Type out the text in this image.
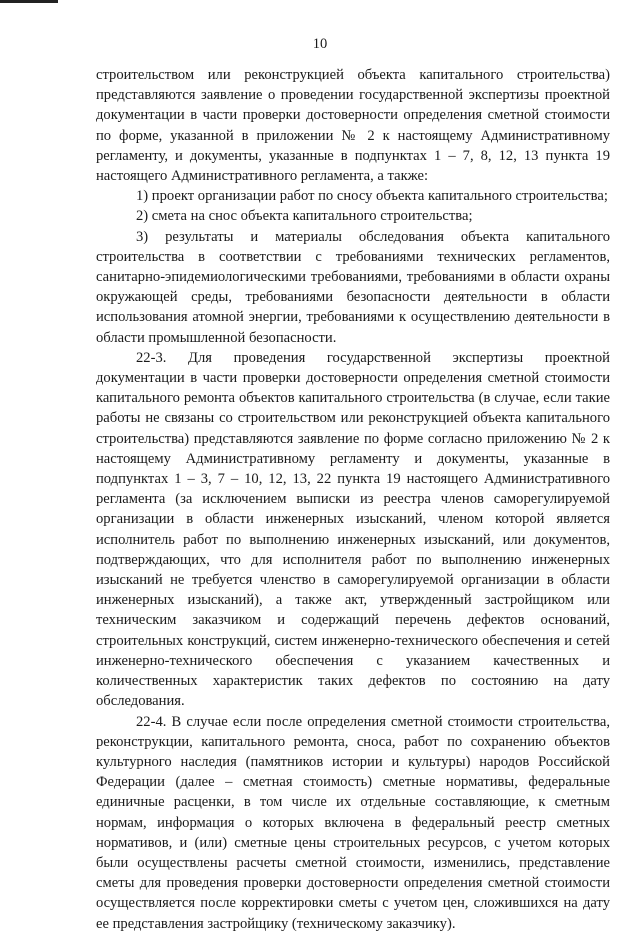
10

строительством или реконструкцией объекта капитального строительства) представляются заявление о проведении государственной экспертизы проектной документации в части проверки достоверности определения сметной стоимости по форме, указанной в приложении № 2 к настоящему Административному регламенту, и документы, указанные в подпунктах 1 – 7, 8, 12, 13 пункта 19 настоящего Административного регламента, а также:

1) проект организации работ по сносу объекта капитального строительства;

2) смета на снос объекта капитального строительства;

3) результаты и материалы обследования объекта капитального строительства в соответствии с требованиями технических регламентов, санитарно-эпидемиологическими требованиями, требованиями в области охраны окружающей среды, требованиями безопасности деятельности в области использования атомной энергии, требованиями к осуществлению деятельности в области промышленной безопасности.

22-3. Для проведения государственной экспертизы проектной документации в части проверки достоверности определения сметной стоимости капитального ремонта объектов капитального строительства (в случае, если такие работы не связаны со строительством или реконструкцией объекта капитального строительства) представляются заявление по форме согласно приложению № 2 к настоящему Административному регламенту и документы, указанные в подпунктах 1 – 3, 7 – 10, 12, 13, 22 пункта 19 настоящего Административного регламента (за исключением выписки из реестра членов саморегулируемой организации в области инженерных изысканий, членом которой является исполнитель работ по выполнению инженерных изысканий, или документов, подтверждающих, что для исполнителя работ по выполнению инженерных изысканий не требуется членство в саморегулируемой организации в области инженерных изысканий), а также акт, утвержденный застройщиком или техническим заказчиком и содержащий перечень дефектов оснований, строительных конструкций, систем инженерно-технического обеспечения и сетей инженерно-технического обеспечения с указанием качественных и количественных характеристик таких дефектов по состоянию на дату обследования.

22-4. В случае если после определения сметной стоимости строительства, реконструкции, капитального ремонта, сноса, работ по сохранению объектов культурного наследия (памятников истории и культуры) народов Российской Федерации (далее – сметная стоимость) сметные нормативы, федеральные единичные расценки, в том числе их отдельные составляющие, к сметным нормам, информация о которых включена в федеральный реестр сметных нормативов, и (или) сметные цены строительных ресурсов, с учетом которых были осуществлены расчеты сметной стоимости, изменились, представление сметы для проведения проверки достоверности определения сметной стоимости осуществляется после корректировки сметы с учетом цен, сложившихся на дату ее представления застройщику (техническому заказчику).
